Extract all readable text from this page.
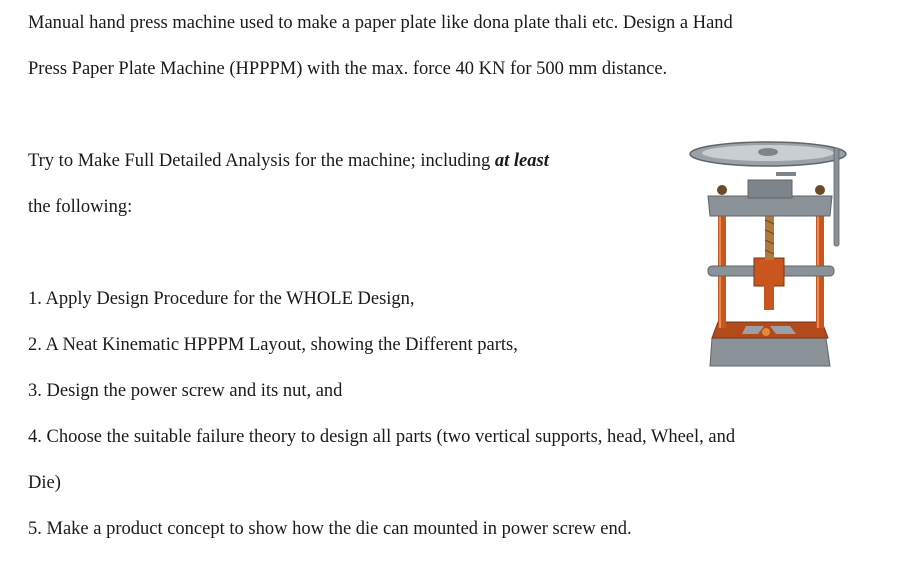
Manual hand press machine used to make a paper plate like dona plate thali etc. Design a Hand
Press Paper Plate Machine (HPPPM) with the max. force 40 KN for 500 mm distance.
Try to Make Full Detailed Analysis for the machine; including at least
the following:
1. Apply Design Procedure for the WHOLE Design,
2. A Neat Kinematic HPPPM Layout, showing the Different parts,
3. Design the power screw and its nut, and
4. Choose the suitable failure theory to design all parts (two vertical supports, head, Wheel, and
Die)
5. Make a product concept to show how the die can mounted in power screw end.
